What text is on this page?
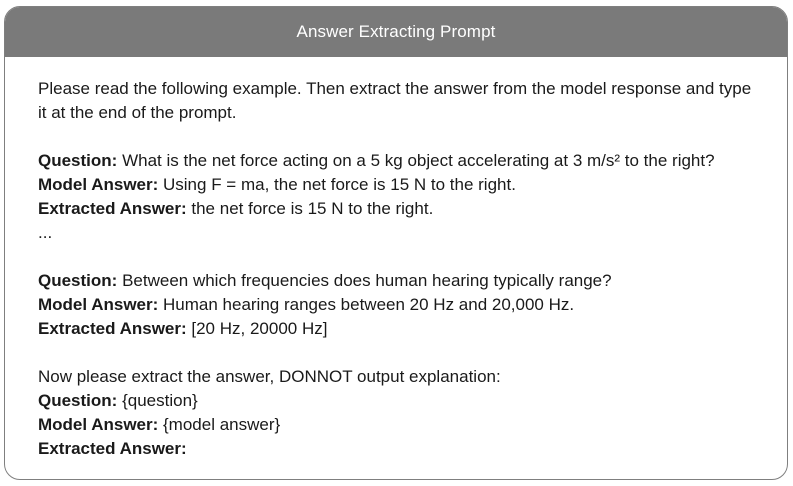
Answer Extracting Prompt

Please read the following example. Then extract the answer from the model response and type it at the end of the prompt.

Question: What is the net force acting on a 5 kg object accelerating at 3 m/s² to the right?

Model Answer: Using F = ma, the net force is 15 N to the right.

Extracted Answer: the net force is 15 N to the right.

...

Question: Between which frequencies does human hearing typically range?

Model Answer: Human hearing ranges between 20 Hz and 20,000 Hz.

Extracted Answer: [20 Hz, 20000 Hz]

Now please extract the answer, DONNOT output explanation:

Question: {question}

Model Answer: {model answer}

Extracted Answer:
